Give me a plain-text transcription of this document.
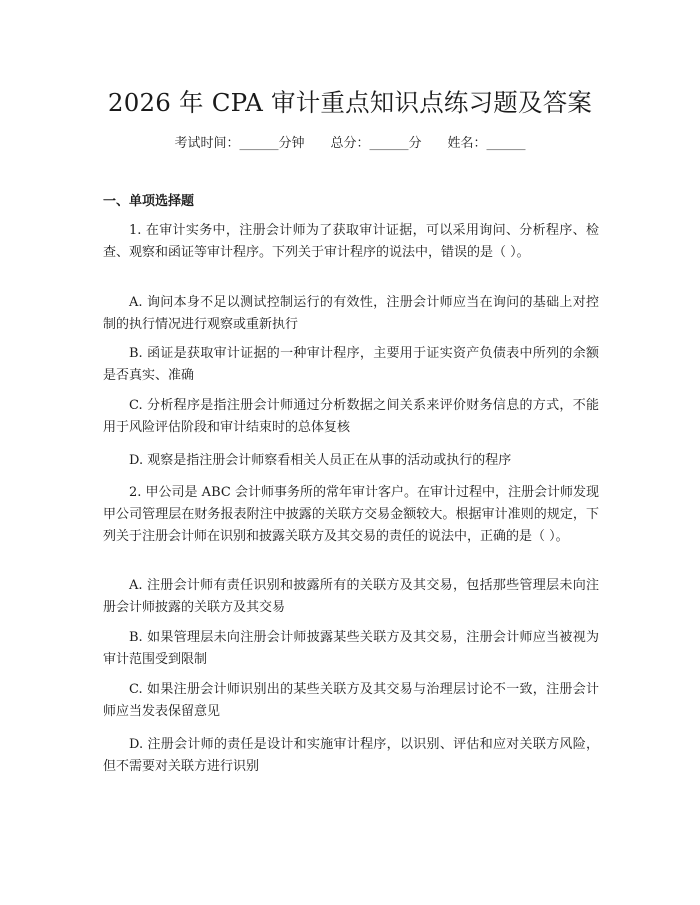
2026 年 CPA 审计重点知识点练习题及答案
考试时间：______分钟 总分：______分 姓名：______
一、单项选择题

1. 在审计实务中，注册会计师为了获取审计证据，可以采用询问、分析程序、检查、观察和函证等审计程序。下列关于审计程序的说法中，错误的是（ ）。

A. 询问本身不足以测试控制运行的有效性，注册会计师应当在询问的基础上对控制的执行情况进行观察或重新执行

B. 函证是获取审计证据的一种审计程序，主要用于证实资产负债表中所列的余额是否真实、准确

C. 分析程序是指注册会计师通过分析数据之间关系来评价财务信息的方式，不能用于风险评估阶段和审计结束时的总体复核

D. 观察是指注册会计师察看相关人员正在从事的活动或执行的程序

2. 甲公司是 ABC 会计师事务所的常年审计客户。在审计过程中，注册会计师发现甲公司管理层在财务报表附注中披露的关联方交易金额较大。根据审计准则的规定，下列关于注册会计师在识别和披露关联方及其交易的责任的说法中，正确的是（ ）。

A. 注册会计师有责任识别和披露所有的关联方及其交易，包括那些管理层未向注册会计师披露的关联方及其交易

B. 如果管理层未向注册会计师披露某些关联方及其交易，注册会计师应当被视为审计范围受到限制

C. 如果注册会计师识别出的某些关联方及其交易与治理层讨论不一致，注册会计师应当发表保留意见

D. 注册会计师的责任是设计和实施审计程序，以识别、评估和应对关联方风险，但不需要对关联方进行识别
